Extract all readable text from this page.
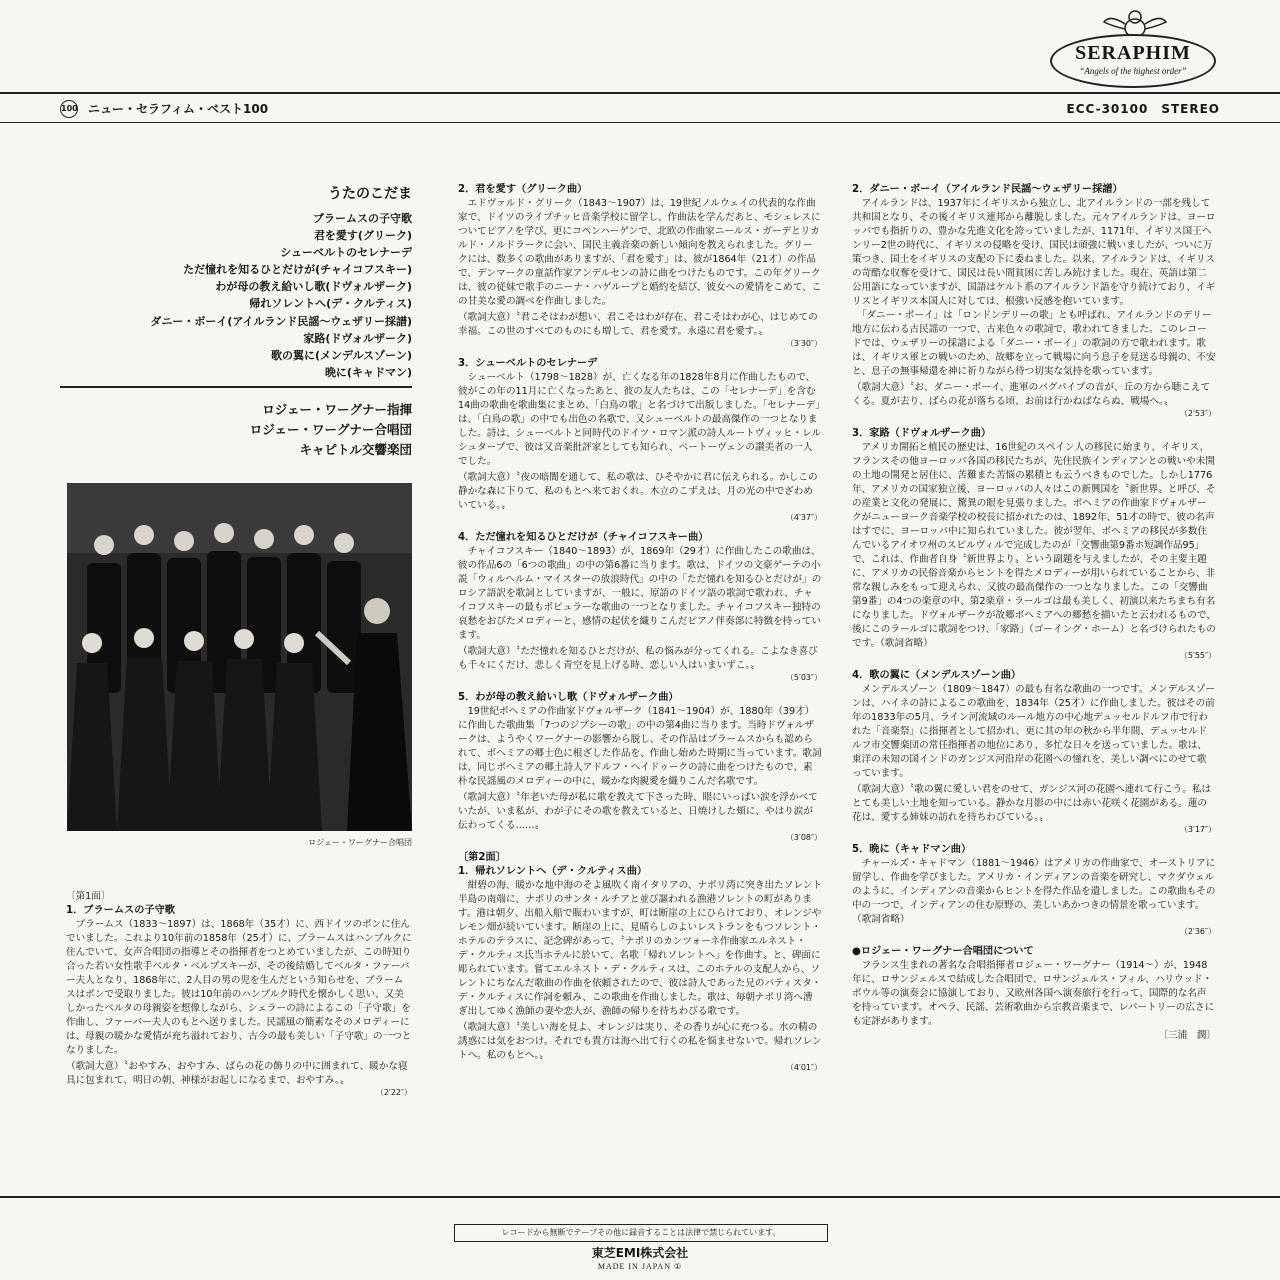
SERAPHIM
“Angels of the highest order”
100 ニュー・セラフィム・ベスト100	ECC-30100　STEREO
うたのこだま
ブラームスの子守歌
君を愛す(グリーク)
シューベルトのセレナーデ
ただ憧れを知るひとだけが(チャイコフスキー)
わが母の教え給いし歌(ドヴォルザーク)
帰れソレントへ(デ・クルティス)
ダニー・ボーイ(アイルランド民謡～ウェザリー採譜)
家路(ドヴォルザーク)
歌の翼に(メンデルスゾーン)
晩に(キャドマン)
ロジェー・ワーグナー指揮
ロジェー・ワーグナー合唱団
キャピトル交響楽団
ロジェー・ワーグナー合唱団

〔第1面〕

1．ブラームスの子守歌

　ブラームス（1833～1897）は、1868年（35才）に、西ドイツのボンに住んでいました。これより10年前の1858年（25才）に、ブラームスはハンブルクに住んでいて、女声合唱団の指導とその指揮者をつとめていましたが、この時知り合った若い女性歌手ベルタ・ベルプスキーが、その後結婚してベルタ・ファーバー夫人となり、1868年に、2人目の男の児を生んだという知らせを、ブラームスはボンで受取りました。彼は10年前のハンブルク時代を懐かしく思い、又美しかったベルタの母親姿を想像しながら、シェラーの詩によるこの「子守歌」を作曲し、ファーバー夫人のもとへ送りました。民謡風の簡素なそのメロディーには、母親の暖かな愛情が充ち溢れており、古今の最も美しい「子守歌」の一つとなりました。

（歌詞大意）〝おやすみ、おやすみ、ばらの花の飾りの中に囲まれて、暖かな寝具に包まれて、明日の朝、神様がお起しになるまで、おやすみ。〟

（2′22″）

2．君を愛す（グリーク曲）

　エドヴァルド・グリーク（1843～1907）は、19世紀ノルウェイの代表的な作曲家で、ドイツのライプチッヒ音楽学校に留学し、作曲法を学んだあと、モシェレスについてピアノを学び、更にコペンハーゲンで、北欧の作曲家ニールス・ガーデとリカルド・ノルドラークに会い、国民主義音楽の新しい傾向を教えられました。グリークには、数多くの歌曲がありますが、「君を愛す」は、彼が1864年（21才）の作品で、デンマークの童話作家アンデルセンの詩に曲をつけたものです。この年グリークは、彼の従妹で歌手のニーナ・ハゲループと婚約を結び、彼女への愛情をこめて、この甘美な愛の調べを作曲しました。

（歌詞大意）〝君こそはわが想い、君こそはわが存在、君こそはわが心、はじめての幸福。この世のすべてのものにも増して、君を愛す。永遠に君を愛す。〟

（3′30″）

3．シューベルトのセレナーデ

　シューベルト（1798～1828）が、亡くなる年の1828年8月に作曲したもので、彼がこの年の11月に亡くなったあと、彼の友人たちは、この「セレナーデ」を含む14曲の歌曲を歌曲集にまとめ、「白鳥の歌」と名づけて出版しました。「セレナーデ」は、「白鳥の歌」の中でも出色の名歌で、又シューベルトの最高傑作の一つとなりました。詩は、シューベルトと同時代のドイツ・ロマン派の詩人ルートヴィッヒ・レルシュタープで、彼は又音楽批評家としても知られ、ベートーヴェンの讃美者の一人でした。

（歌詞大意）〝夜の暗闇を通して、私の歌は、ひそやかに君に伝えられる。かしこの静かな森に下りて、私のもとへ来ておくれ。木立のこずえは、月の光の中でざわめいている。〟

（4′37″）

4．ただ憧れを知るひとだけが（チャイコフスキー曲）

　チャイコフスキー（1840～1893）が、1869年（29才）に作曲したこの歌曲は、彼の作品6の「6つの歌曲」の中の第6番に当ります。歌は、ドイツの文豪ゲーテの小説「ウィルヘルム・マイスターの放浪時代」の中の「ただ憧れを知るひとだけが」のロシア語訳を歌詞としていますが、一般に、原語のドイツ語の歌詞で歌われ、チャイコフスキーの最もポピュラーな歌曲の一つとなりました。チャイコフスキー独特の哀愁をおびたメロディーと、感情の起伏を織りこんだピアノ伴奏部に特徴を持っています。

（歌詞大意）〝ただ憧れを知るひとだけが、私の悩みが分ってくれる。こよなき喜びも千々にくだけ、悲しく青空を見上げる時、恋しい人はいまいずこ。〟

（5′03″）

5．わが母の教え給いし歌（ドヴォルザーク曲）

　19世紀ボヘミアの作曲家ドヴォルザーク（1841～1904）が、1880年（39才）に作曲した歌曲集「7つのジプシーの歌」の中の第4曲に当ります。当時ドヴォルザークは、ようやくワーグナーの影響から脱し、その作品はブラームスからも認められて、ボヘミアの郷土色に根ざした作品を、作曲し始めた時期に当っています。歌詞は、同じボヘミアの郷土詩人アドルフ・ヘイドゥークの詩に曲をつけたもので、素朴な民謡風のメロディーの中に、暖かな肉親愛を織りこんだ名歌です。

（歌詞大意）〝年老いた母が私に歌を教えて下さった時、眼にいっぱい涙を浮かべていたが、いま私が、わが子にその歌を教えていると、日焼けした頬に、やはり涙が伝わってくる……〟

（3′08″）

〔第2面〕

1．帰れソレントへ（デ・クルティス曲）

　紺碧の海、暖かな地中海のそよ風吹く南イタリアの、ナポリ湾に突き出たソレント半島の南端に、ナポリのサンタ・ルチアと並び謳われる漁港ソレントの町があります。港は朝夕、出船入船で賑わいますが、町は断崖の上にひらけており、オレンジやレモン畑が続いています。断崖の上に、見晴らしのよいレストランをもつソレント・ホテルのテラスに、記念碑があって、〝ナポリのカンツォーネ作曲家エルネスト・デ・クルティス氏当ホテルに於いて、名歌「帰れソレントへ」を作曲す〟と、碑面に彫られています。嘗てエルネスト・デ・クルティスは、このホテルの支配人から、ソレントにちなんだ歌曲の作曲を依頼されたので、彼は詩人であった兄のバティスタ・デ・クルティスに作詞を頼み、この歌曲を作曲しました。歌は、毎朝ナポリ湾へ漕ぎ出してゆく漁師の妻や恋人が、漁師の帰りを待ちわびる歌です。

（歌詞大意）〝美しい海を見よ、オレンジは実り、その香りが心に充つる。水の精の誘惑には気をおつけ。それでも貴方は海へ出て行くの私を悩ませないで。帰れソレントへ。私のもとへ。〟

（4′01″）

2．ダニー・ボーイ（アイルランド民謡～ウェザリー採譜）

　アイルランドは、1937年にイギリスから独立し、北アイルランドの一部を残して共和国となり、その後イギリス連邦から離脱しました。元々アイルランドは、ヨーロッパでも指折りの、豊かな先進文化を誇っていましたが、1171年、イギリス国王ヘンリー2世の時代に、イギリスの侵略を受け、国民は頑強に戦いましたが、ついに万策つき、国土をイギリスの支配の下に委ねました。以来、アイルランドは、イギリスの苛酷な収奪を受けて、国民は長い間貧困に苦しみ続けました。現在、英語は第二公用語になっていますが、国語はケルト系のアイルランド語を守り続けており、イギリスとイギリス本国人に対しては、根強い反感を抱いています。

　「ダニー・ボーイ」は「ロンドンデリーの歌」とも呼ばれ、アイルランドのデリー地方に伝わる古民謡の一つで、古来色々の歌詞で、歌われてきました。このレコードでは、ウェザリーの採譜による「ダニー・ボーイ」の歌詞の方で歌われます。歌は、イギリス軍との戦いのため、故郷を立って戦場に向う息子を見送る母親の、不安と、息子の無事帰還を神に祈りながら待つ切実な気持を歌っています。

（歌詞大意）〝お、ダニー・ボーイ、進軍のバグパイプの音が、丘の方から聴こえてくる。夏が去り、ばらの花が落ちる頃、お前は行かねばならぬ、戦場へ。〟

（2′53″）

3．家路（ドヴォルザーク曲）

　アメリカ開拓と植民の歴史は、16世紀のスペイン人の移民に始まり、イギリス、フランスその他ヨーロッパ各国の移民たちが、先住民族インディアンとの戦いや未開の土地の開発と居住に、苦難また苦悩の累積とも云うべきものでした。しかし1776年、アメリカの国家独立後、ヨーロッパの人々はこの新興国を〝新世界〟と呼び、その産業と文化の発展に、驚異の眼を見張りました。ボヘミアの作曲家ドヴォルザークがニューヨーク音楽学校の校長に招かれたのは、1892年、51才の時で、彼の名声はすでに、ヨーロッパ中に知られていました。彼が翌年、ボヘミアの移民が多数住んでいるアイオワ州のスピルヴィルで完成したのが「交響曲第9番ホ短調作品95」で、これは、作曲者自身〝新世界より〟という副題を与えましたが、その主要主題に、アメリカの民俗音楽からヒントを得たメロディーが用いられていることから、非常な親しみをもって迎えられ、又彼の最高傑作の一つとなりました。この「交響曲第9番」の4つの楽章の中、第2楽章・ラールゴは最も美しく、初演以来たちまち有名になりました。ドヴォルザークが故郷ボヘミアへの郷愁を描いたと云われるもので、後にこのラールゴに歌詞をつけ、「家路」（ゴーイング・ホーム）と名づけられたものです。（歌詞省略）

（5′55″）

4．歌の翼に（メンデルスゾーン曲）

　メンデルスゾーン（1809～1847）の最も有名な歌曲の一つです。メンデルスゾーンは、ハイネの詩によるこの歌曲を、1834年（25才）に作曲しました。彼はその前年の1833年の5月、ライン河流域のルール地方の中心地デュッセルドルフ市で行われた「音楽祭」に指揮者として招かれ、更に其の年の秋から半年間、デュッセルドルフ市交響楽団の常任指揮者の地位にあり、多忙な日々を送っていました。歌は、東洋の未知の国インドのガンジス河沿岸の花園への憧れを、美しい調べにのせて歌っています。

（歌詞大意）〝歌の翼に愛しい君をのせて、ガンジス河の花園へ連れて行こう。私はとても美しい土地を知っている。静かな月影の中には赤い花咲く花園がある。蓮の花は、愛する姉妹の訪れを待ちわびている。〟

（3′17″）

5．晩に（キャドマン曲）

　チャールズ・キャドマン（1881～1946）はアメリカの作曲家で、オーストリアに留学し、作曲を学びました。アメリカ・インディアンの音楽を研究し、マクダウェルのように、インディアンの音楽からヒントを得た作品を遺しました。この歌曲もその中の一つで、インディアンの住む原野の、美しいあかつきの情景を歌っています。（歌詞省略）

（2′36″）

●ロジェー・ワーグナー合唱団について

　フランス生まれの著名な合唱指揮者ロジェー・ワーグナー（1914～）が、1948年に、ロサンジェルスで結成した合唱団で、ロサンジェルス・フィル、ハリウッド・ボウル等の演奏会に協演しており、又欧州各国へ演奏旅行を行って、国際的な名声を持っています。オペラ、民謡、芸術歌曲から宗教音楽まで、レパートリーの広さにも定評があります。

〔三浦　潤〕

レコードから無断でテープその他に録音することは法律で禁じられています。
東芝EMI株式会社
MADE IN JAPAN ①
